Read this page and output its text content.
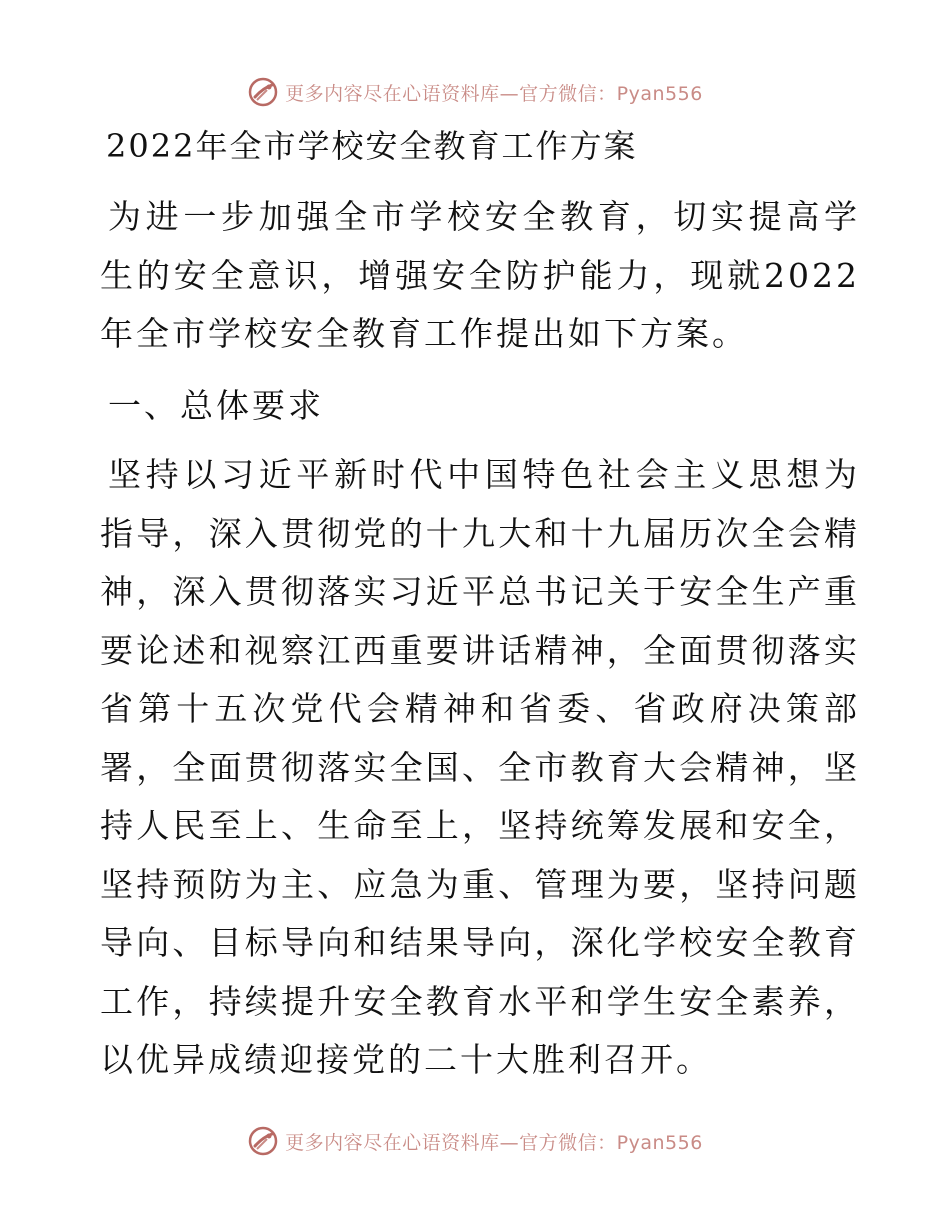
更多内容尽在心语资料库—官方微信：Pyan556
2022年全市学校安全教育工作方案

为进一步加强全市学校安全教育，切实提高学生的安全意识，增强安全防护能力，现就2022年全市学校安全教育工作提出如下方案。

一、总体要求

坚持以习近平新时代中国特色社会主义思想为指导，深入贯彻党的十九大和十九届历次全会精神，深入贯彻落实习近平总书记关于安全生产重要论述和视察江西重要讲话精神，全面贯彻落实省第十五次党代会精神和省委、省政府决策部署，全面贯彻落实全国、全市教育大会精神，坚持人民至上、生命至上，坚持统筹发展和安全，坚持预防为主、应急为重、管理为要，坚持问题导向、目标导向和结果导向，深化学校安全教育工作，持续提升安全教育水平和学生安全素养，以优异成绩迎接党的二十大胜利召开。

更多内容尽在心语资料库—官方微信：Pyan556
